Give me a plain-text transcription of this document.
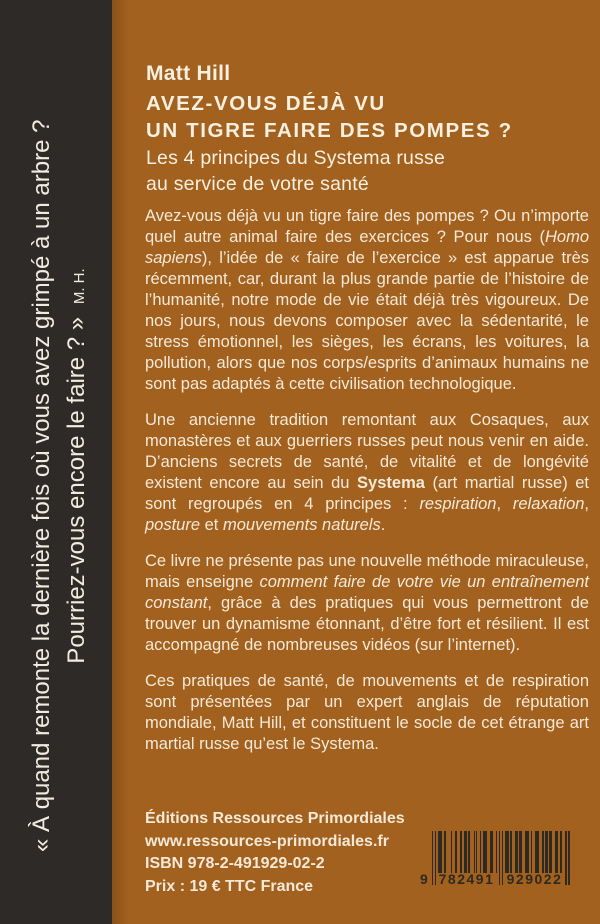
« À quand remonte la dernière fois où vous avez grimpé à un arbre ? Pourriez-vous encore le faire ? » M. H.
Matt Hill
AVEZ-VOUS DÉJÀ VU
UN TIGRE FAIRE DES POMPES ?
Les 4 principes du Systema russe
au service de votre santé

Avez-vous déjà vu un tigre faire des pompes ? Ou n’importe quel autre animal faire des exercices ? Pour nous (Homo sapiens), l’idée de « faire de l’exercice » est apparue très récemment, car, durant la plus grande partie de l’histoire de l’humanité, notre mode de vie était déjà très vigoureux. De nos jours, nous devons composer avec la sédentarité, le stress émotionnel, les sièges, les écrans, les voitures, la pollution, alors que nos corps/esprits d’animaux humains ne sont pas adaptés à cette civilisation technologique.

Une ancienne tradition remontant aux Cosaques, aux monastères et aux guerriers russes peut nous venir en aide. D’anciens secrets de santé, de vitalité et de longévité existent encore au sein du Systema (art martial russe) et sont regroupés en 4 principes : respiration, relaxation, posture et mouvements naturels.

Ce livre ne présente pas une nouvelle méthode miraculeuse, mais enseigne comment faire de votre vie un entraînement constant, grâce à des pratiques qui vous permettront de trouver un dynamisme étonnant, d’être fort et résilient. Il est accompagné de nombreuses vidéos (sur l’internet).

Ces pratiques de santé, de mouvements et de respiration sont présentées par un expert anglais de réputation mondiale, Matt Hill, et constituent le socle de cet étrange art martial russe qu’est le Systema.

Éditions Ressources Primordiales
www.ressources-primordiales.fr
ISBN 978-2-491929-02-2
Prix : 19 € TTC France	9 782491 929022
